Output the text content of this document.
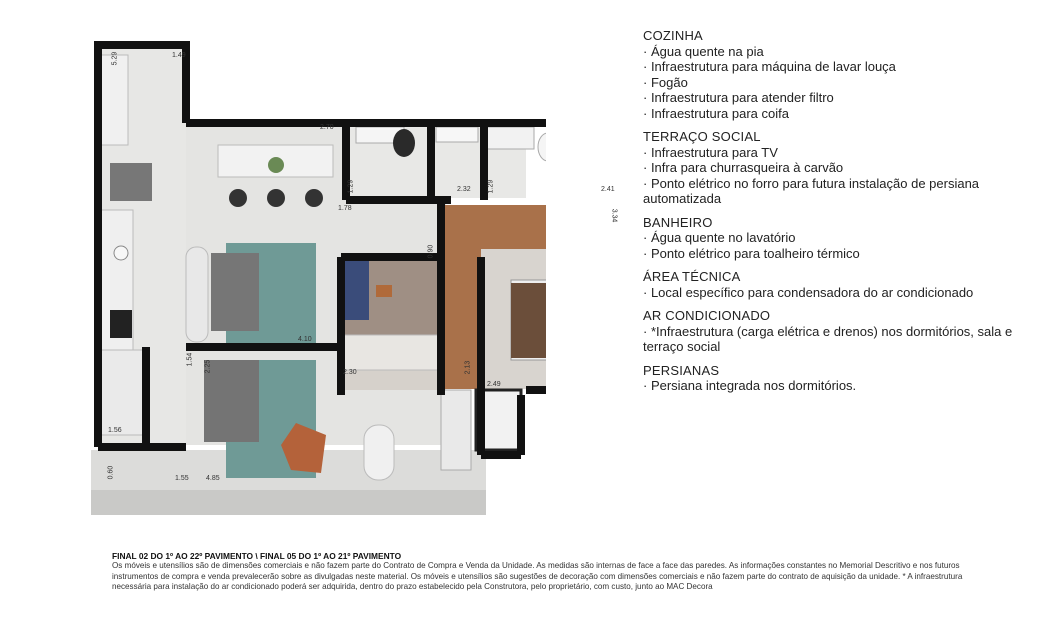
5.29	1.49
2.70
1.29	2.32 1.29	2.41
1.78
3.34
0.90
4.10
1.54
2.25	2.30	2.13
2.49
1.56
0.60	1.55 4.85
COZINHA
· Água quente na pia
· Infraestrutura para máquina de lavar louça
· Fogão
· Infraestrutura para atender filtro
· Infraestrutura para coifa
TERRAÇO SOCIAL
· Infraestrutura para TV
· Infra para churrasqueira à carvão
· Ponto elétrico no forro para futura instalação de persiana automatizada
BANHEIRO
· Água quente no lavatório
· Ponto elétrico para toalheiro térmico
ÁREA TÉCNICA
· Local específico para condensadora do ar condicionado
AR CONDICIONADO
· *Infraestrutura (carga elétrica e drenos) nos dormitórios, sala e terraço social
PERSIANAS
· Persiana integrada nos dormitórios.
FINAL 02 DO 1º AO 22º PAVIMENTO \ FINAL 05 DO 1º AO 21º PAVIMENTO
Os móveis e utensílios são de dimensões comerciais e não fazem parte do Contrato de Compra e Venda da Unidade. As medidas são internas de face a face das paredes. As informações constantes no Memorial Descritivo e nos futuros instrumentos de compra e venda prevalecerão sobre as divulgadas neste material. Os móveis e utensílios são sugestões de decoração com dimensões comerciais e não fazem parte do contrato de aquisição da unidade. * A infraestrutura necessária para instalação do ar condicionado poderá ser adquirida, dentro do prazo estabelecido pela Construtora, pelo proprietário, com custo, junto ao MAC Decora
